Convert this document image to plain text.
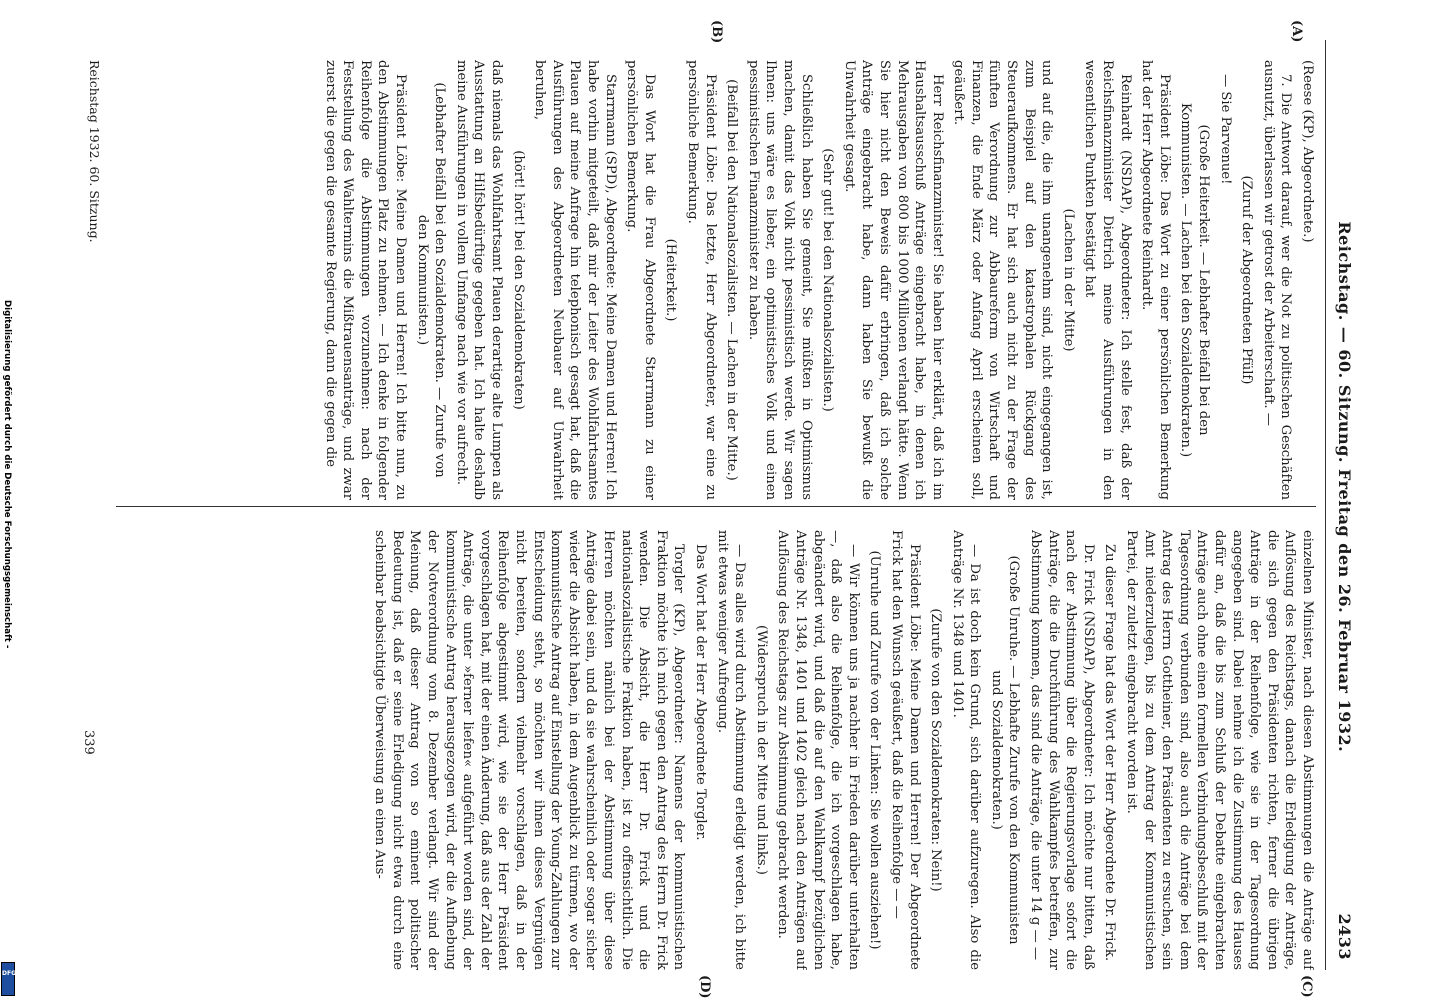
Reichstag. — 60. Sitzung. Freitag den 26. Februar 1932.
2433
(A)
(B)
(C)
(D)

(Reese (KP), Abgeordnete.)

7. Die Antwort darauf, wer die Not zu politischen Geschäften ausnutzt, überlassen wir getrost der Arbeiterschaft. —

(Zuruf der Abgeordneten Pfülf)

— Sie Parvenue!

(Große Heiterkeit. — Lebhafter Beifall bei den Kommunisten. — Lachen bei den Sozialdemokraten.)

Präsident Löbe: Das Wort zu einer persönlichen Bemerkung hat der Herr Abgeordnete Reinhardt.

Reinhardt (NSDAP), Abgeordneter: Ich stelle fest, daß der Reichsfinanzminister Dietrich meine Ausführungen in den wesentlichen Punkten bestätigt hat

(Lachen in der Mitte)

und auf die, die ihm unangenehm sind, nicht eingegangen ist, zum Beispiel auf den katastrophalen Rückgang des Steueraufkommens. Er hat sich auch nicht zu der Frage der fünften Verordnung zur Abbaureform von Wirtschaft und Finanzen, die Ende März oder Anfang April erscheinen soll, geäußert.

Herr Reichsfinanzminister! Sie haben hier erklärt, daß ich im Haushaltsausschuß Anträge eingebracht habe, in denen ich Mehrausgaben von 800 bis 1000 Millionen verlangt hätte. Wenn Sie hier nicht den Beweis dafür erbringen, daß ich solche Anträge eingebracht habe, dann haben Sie bewußt die Unwahrheit gesagt.

(Sehr gut! bei den Nationalsozialisten.)

Schließlich haben Sie gemeint, Sie müßten in Optimismus machen, damit das Volk nicht pessimistisch werde. Wir sagen Ihnen: uns wäre es lieber, ein optimistisches Volk und einen pessimistischen Finanzminister zu haben.

(Beifall bei den Nationalsozialisten. — Lachen in der Mitte.)

Präsident Löbe: Das letzte, Herr Abgeordneter, war eine zu persönliche Bemerkung.

(Heiterkeit.)

Das Wort hat die Frau Abgeordnete Starrmann zu einer persönlichen Bemerkung.

Starrmann (SPD), Abgeordnete: Meine Damen und Herren! Ich habe vorhin mitgeteilt, daß mir der Leiter des Wohlfahrtsamtes Plauen auf meine Anfrage hin telephonisch gesagt hat, daß die Ausführungen des Abgeordneten Neubauer auf Unwahrheit beruhen,

(hört! hört! bei den Sozialdemokraten)

daß niemals das Wohlfahrtsamt Plauen derartige alte Lumpen als Ausstattung an Hilfsbedürftige gegeben hat. Ich halte deshalb meine Ausführungen in vollem Umfange nach wie vor aufrecht.

(Lebhafter Beifall bei den Sozialdemokraten. — Zurufe von den Kommunisten.)

Präsident Löbe: Meine Damen und Herren! Ich bitte nun, zu den Abstimmungen Platz zu nehmen. — Ich denke in folgender Reihenfolge die Abstimmungen vorzunehmen: nach der Feststellung des Wahltermins die Mißtrauensanträge, und zwar zuerst die gegen die gesamte Regierung, dann die gegen die

einzelnen Minister, nach diesen Abstimmungen die Anträge auf Auflösung des Reichstags, danach die Erledigung der Anträge, die sich gegen den Präsidenten richten, ferner die übrigen Anträge in der Reihenfolge, wie sie in der Tagesordnung angegeben sind. Dabei nehme ich die Zustimmung des Hauses dafür an, daß die bis zum Schluß der Debatte eingebrachten Anträge auch ohne einen formellen Verbindungsbeschluß mit der Tagesordnung verbunden sind, also auch die Anträge bei dem Antrag des Herrn Gottheiner, den Präsidenten zu ersuchen, sein Amt niederzulegen, bis zu dem Antrag der Kommunistischen Partei, der zuletzt eingebracht worden ist.

Zu dieser Frage hat das Wort der Herr Abgeordnete Dr. Frick.

Dr. Frick (NSDAP), Abgeordneter: Ich möchte nur bitten, daß nach der Abstimmung über die Regierungsvorlage sofort die Anträge, die die Durchführung des Wahlkampfes betreffen, zur Abstimmung kommen, das sind die Anträge, die unter 14 g — —

(Große Unruhe. — Lebhafte Zurufe von den Kommunisten und Sozialdemokraten.)

— Da ist doch kein Grund, sich darüber aufzuregen. Also die Anträge Nr. 1348 und 1401.

(Zurufe von den Sozialdemokraten: Nein!)

Präsident Löbe: Meine Damen und Herren! Der Abgeordnete Frick hat den Wunsch geäußert, daß die Reihenfolge — —

(Unruhe und Zurufe von der Linken: Sie wollen ausziehen!)

— Wir können uns ja nachher in Frieden darüber unterhalten —, daß also die Reihenfolge, die ich vorgeschlagen habe, abgeändert wird, und daß die auf den Wahlkampf bezüglichen Anträge Nr. 1348, 1401 und 1402 gleich nach den Anträgen auf Auflösung des Reichstags zur Abstimmung gebracht werden.

(Widerspruch in der Mitte und links.)

— Das alles wird durch Abstimmung erledigt werden, ich bitte mit etwas weniger Aufregung.

Das Wort hat der Herr Abgeordnete Torgler.

Torgler (KP), Abgeordneter: Namens der kommunistischen Fraktion möchte ich mich gegen den Antrag des Herrn Dr. Frick wenden. Die Absicht, die Herr Dr. Frick und die nationalsozialistische Fraktion haben, ist zu offensichtlich. Die Herren möchten nämlich bei der Abstimmung über diese Anträge dabei sein, und da sie wahrscheinlich oder sogar sicher wieder die Absicht haben, in dem Augenblick zu türmen, wo der kommunistische Antrag auf Einstellung der Young-Zahlungen zur Entscheidung steht, so möchten wir ihnen dieses Vergnügen nicht bereiten, sondern vielmehr vorschlagen, daß in der Reihenfolge abgestimmt wird, wie sie der Herr Präsident vorgeschlagen hat, mit der einen Änderung, daß aus der Zahl der Anträge, die unter »ferner liefen« aufgeführt worden sind, der kommunistische Antrag herausgezogen wird, der die Aufhebung der Notverordnung vom 8. Dezember verlangt. Wir sind der Meinung, daß dieser Antrag von so eminent politischer Bedeutung ist, daß er seine Erledigung nicht etwa durch eine scheinbar beabsichtigte Überweisung an einen Aus-

Reichstag 1932. 60. Sitzung.
339
Digitalisierung gefördert durch die Deutsche Forschungsgemeinschaft -
DFG
